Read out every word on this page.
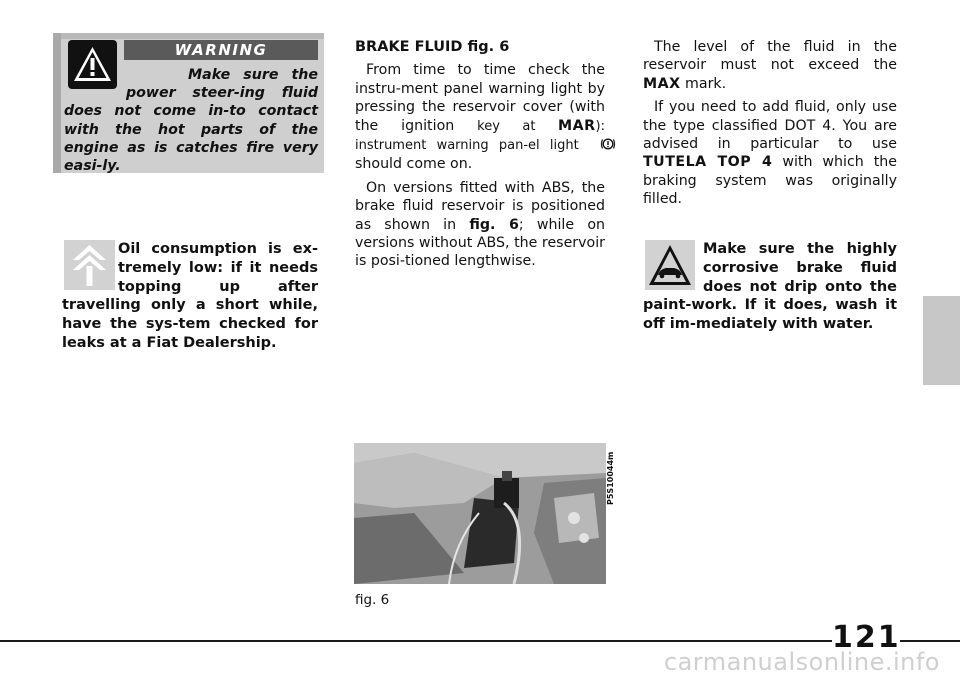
WARNING

Make sure the power steer-ing fluid does not come in-to contact with the hot parts of the engine as is catches fire very easi-ly.

Oil consumption is ex-tremely low: if it needs topping up after travelling only a short while, have the sys-tem checked for leaks at a Fiat Dealership.

BRAKE FLUID fig. 6

From time to time check the instru-ment panel warning light by pressing the reservoir cover (with the ignition key at MAR): instrument warning pan-el light  should come on.

On versions fitted with ABS, the brake fluid reservoir is positioned as shown in fig. 6; while on versions without ABS, the reservoir is posi-tioned lengthwise.

The level of the fluid in the reservoir must not exceed the MAX mark.

If you need to add fluid, only use the type classified DOT 4. You are advised in particular to use TUTELA TOP 4 with which the braking system was originally filled.

Make sure the highly corrosive brake fluid does not drip onto the paint-work. If it does, wash it off im-mediately with water.

P5S10044m
fig. 6
121
carmanualsonline.info
